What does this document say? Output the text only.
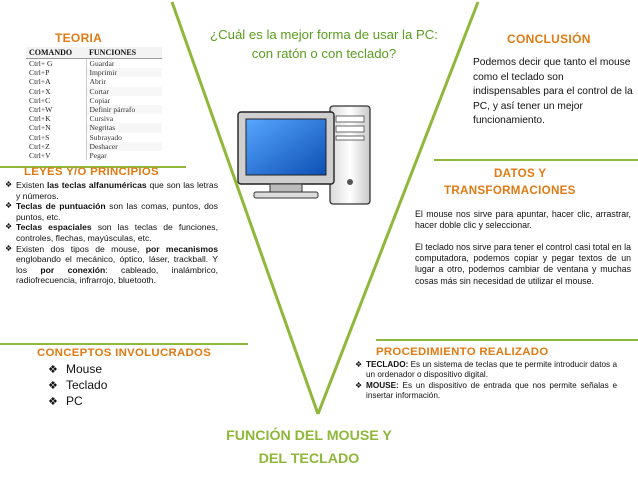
TEORIA
COMANDO	FUNCIONES
Ctrl+ G	Guardar
Ctrl+P	Imprimir
Ctrl+A	Abrir
Ctrl+X	Cortar
Ctrl+C	Copiar
Ctrl+W	Definir párrafo
Ctrl+K	Cursiva
Ctrl+N	Negritas
Ctrl+S	Subrayado
Ctrl+Z	Deshacer
Ctrl+V	Pegar
¿Cuál es la mejor forma de usar la PC: con ratón o con teclado?
CONCLUSIÓN
Podemos decir que tanto el mouse como el teclado son indispensables para el control de la PC, y así tener un mejor funcionamiento.
LEYES Y/O PRINCIPIOS
❖ Existen las teclas alfanuméricas que son las letras y números.
❖ Teclas de puntuación son las comas, puntos, dos puntos, etc.
❖ Teclas espaciales son las teclas de funciones, controles, flechas, mayúsculas, etc.
❖ Existen dos tipos de mouse, por mecanismos englobando el mecánico, óptico, láser, trackball. Y los por conexión: cableado, inalámbrico, radiofrecuencia, infrarrojo, bluetooth.
DATOS Y
TRANSFORMACIONES
El mouse nos sirve para apuntar, hacer clic, arrastrar, hacer doble clic y seleccionar.
El teclado nos sirve para tener el control casi total en la computadora, podemos copiar y pegar textos de un lugar a otro, podemos cambiar de ventana y muchas cosas más sin necesidad de utilizar el mouse.
CONCEPTOS INVOLUCRADOS
❖ Mouse
❖ Teclado
❖ PC
PROCEDIMIENTO REALIZADO
❖ TECLADO: Es un sistema de teclas que te permite introducir datos a un ordenador o dispositivo digital.
❖ MOUSE: Es un dispositivo de entrada que nos permite señalas e insertar información.
FUNCIÓN DEL MOUSE Y
DEL TECLADO
